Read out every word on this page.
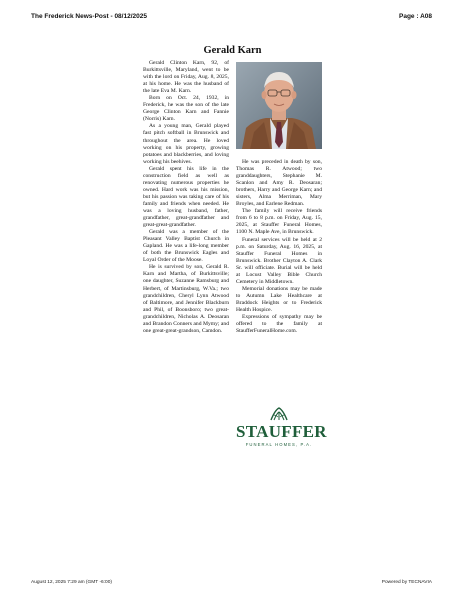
The Frederick News-Post - 08/12/2025	Page : A08
Gerald Karn

Gerald Clinton Karn, 92, of Burkittsville, Maryland, went to be with the lord on Friday, Aug. 8, 2025, at his home. He was the husband of the late Eva M. Karn.

Born on Oct. 24, 1932, in Frederick, he was the son of the late George Clinton Karn and Fannie (Norris) Karn.

As a young man, Gerald played fast pitch softball in Brunswick and throughout the area. He loved working on his property, growing potatoes and blackberries, and loving working his beehives.

Gerald spent his life in the construction field as well as renovating numerous properties he owned. Hard work was his mission, but his passion was taking care of his family and friends when needed. He was a loving husband, father, grandfather, great-grandfather and great-great-grandfather.

Gerald was a member of the Pleasant Valley Baptist Church in Gapland. He was a life-long member of both the Brunswick Eagles and Loyal Order of the Moose.

He is survived by son, Gerald R. Karn and Martha, of Burkittsville; one daughter, Suzanne Ramsburg and Herbert, of Martinsburg, W.Va.; two grandchildren, Cheryl Lynn Atwood of Baltimore, and Jennifer Blackburn and Phil, of Boonsboro; two great-grandchildren, Nicholas A. Deosaran and Brandon Conners and Mymy; and one great-great-grandson, Camdon.

He was preceded in death by son, Thomas R. Atwood; two granddaughters, Stephanie M. Scanlon and Amy R. Deosaran; brothers, Harry and George Karn; and sisters, Alma Merriman, Mary Broyles, and Earlene Redman.

The family will receive friends from 6 to 8 p.m. on Friday, Aug. 15, 2025, at Stauffer Funeral Homes, 1100 N. Maple Ave, in Brunswick.

Funeral services will be held at 2 p.m. on Saturday, Aug. 16, 2025, at Stauffer Funeral Homes in Brunswick. Brother Clayton A. Clark Sr. will officiate. Burial will be held at Locust Valley Bible Church Cemetery in Middletown.

Memorial donations may be made to Autumn Lake Healthcare at Braddock Heights or to Frederick Health Hospice.

Expressions of sympathy may be offered to the family at StaufferFuneralHome.com.

STAUFFER
FUNERAL HOMES, P.A.
August 12, 2025 7:29 am (GMT -6:00)	Powered by TECNAVIA
